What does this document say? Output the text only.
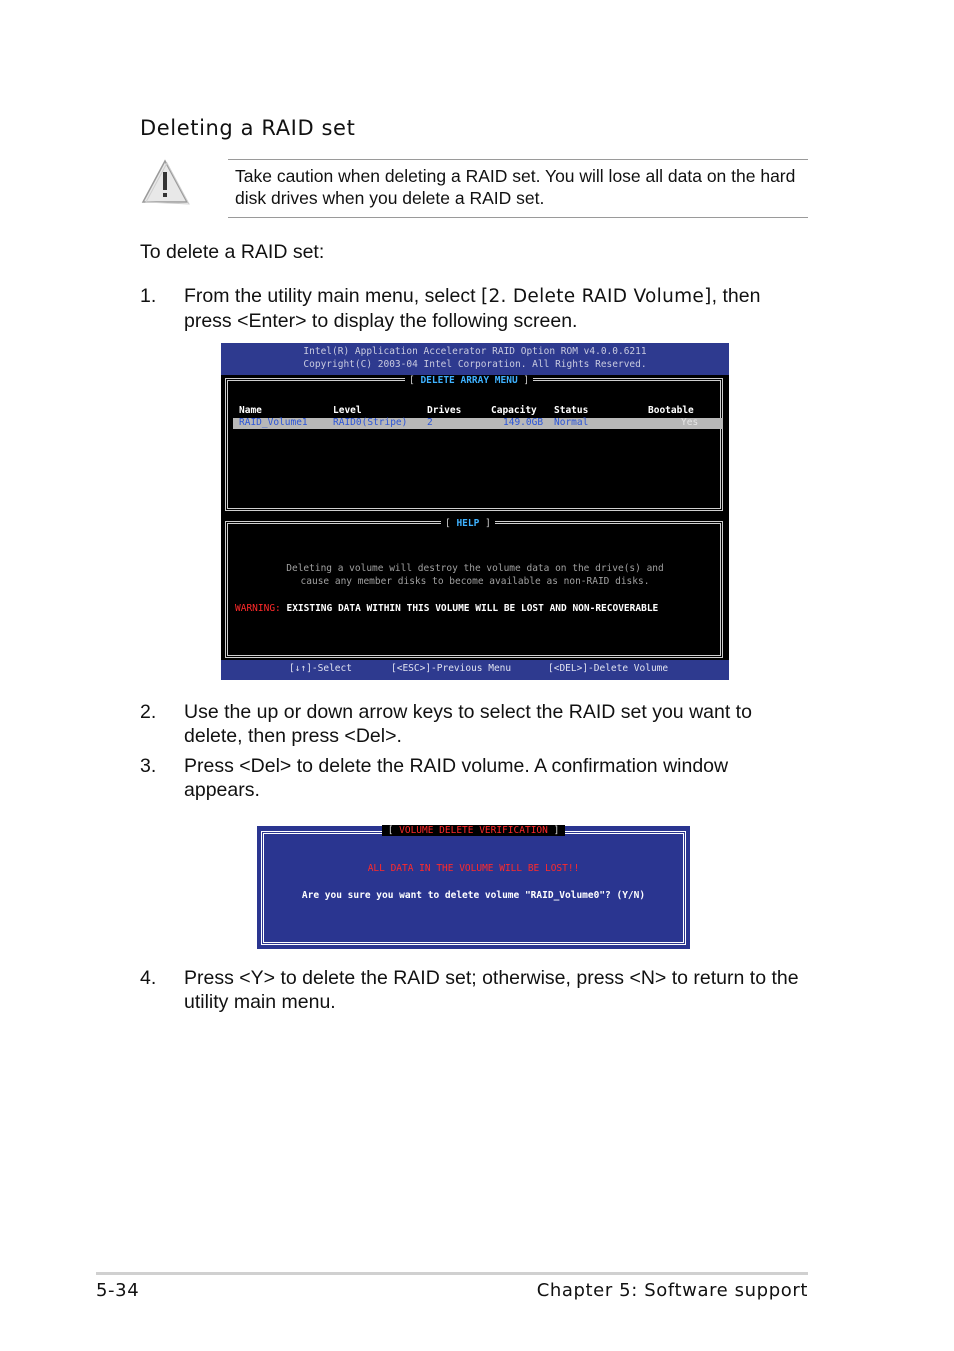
Deleting a RAID set
Take caution when deleting a RAID set. You will lose all data on the hard disk drives when you delete a RAID set.
To delete a RAID set:
1. From the utility main menu, select [2. Delete RAID Volume], then press <Enter> to display the following screen.
Intel(R) Application Accelerator RAID Option ROM v4.0.0.6211
Copyright(C) 2003-04 Intel Corporation. All Rights Reserved.
[ DELETE ARRAY MENU ]
Name	Level	Drives	Capacity Status	Bootable
RAID_Volume1	RAID0(Stripe) 2	149.0GB Normal	Yes
[ HELP ]
Deleting a volume will destroy the volume data on the drive(s) and
cause any member disks to become available as non-RAID disks.
WARNING: EXISTING DATA WITHIN THIS VOLUME WILL BE LOST AND NON-RECOVERABLE
[↓↑]-Select	[<ESC>]-Previous Menu	[<DEL>]-Delete Volume
2. Use the up or down arrow keys to select the RAID set you want to delete, then press <Del>.
3. Press <Del> to delete the RAID volume. A confirmation window appears.
[ VOLUME DELETE VERIFICATION ]
ALL DATA IN THE VOLUME WILL BE LOST!!
Are you sure you want to delete volume "RAID_Volume0"? (Y/N)
4. Press <Y> to delete the RAID set; otherwise, press <N> to return to the utility main menu.
5-34	Chapter 5: Software support
